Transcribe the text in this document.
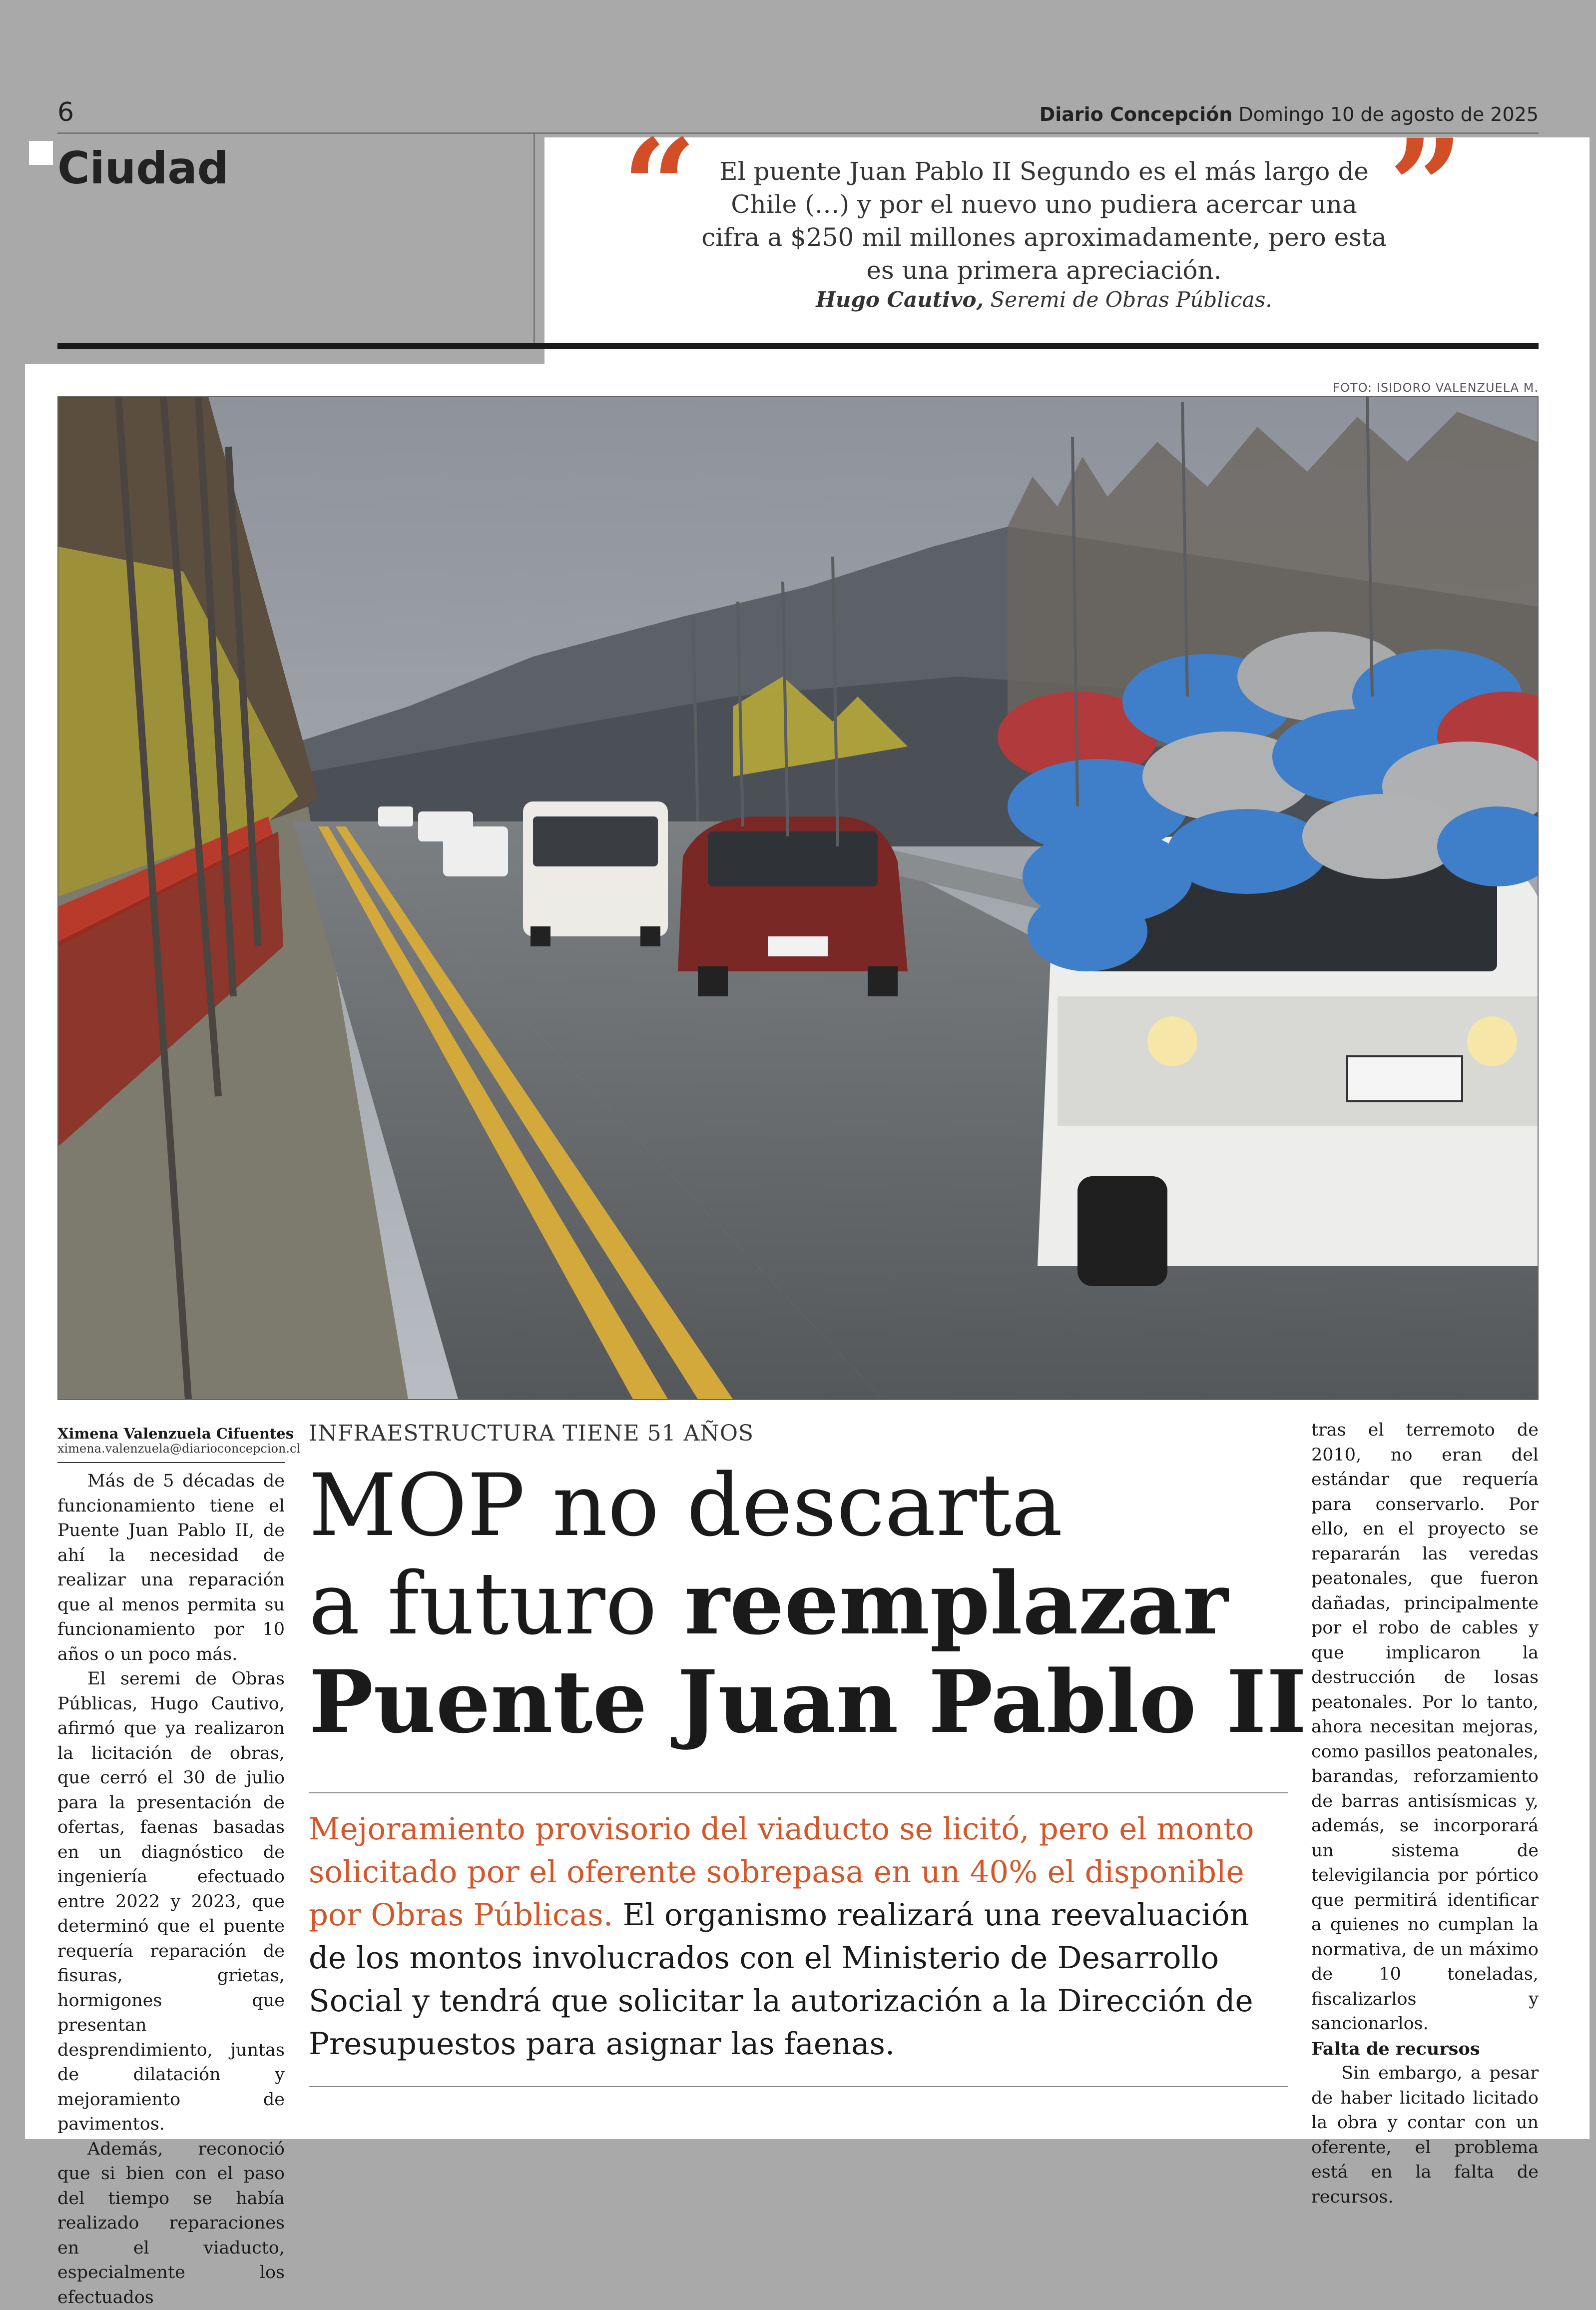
6	Diario Concepción Domingo 10 de agosto de 2025
Ciudad	“ El puente Juan Pablo II Segundo es el más largo de Chile (…) y por el nuevo uno pudiera acercar una cifra a $250 mil millones aproximadamente, pero esta es una primera apreciación.
”
Hugo Cautivo, Seremi de Obras Públicas.
FOTO: ISIDORO VALENZUELA M.
Ximena Valenzuela Cifuentes
ximena.valenzuela@diarioconcepcion.cl

Más de 5 décadas de funcionamiento tiene el Puente Juan Pablo II, de ahí la necesidad de realizar una reparación que al menos permita su funcionamiento por 10 años o un poco más.

El seremi de Obras Públicas, Hugo Cautivo, afirmó que ya realizaron la licitación de obras, que cerró el 30 de julio para la presentación de ofertas, faenas basadas en un diagnóstico de ingeniería efectuado entre 2022 y 2023, que determinó que el puente requería reparación de fisuras, grietas, hormigones que presentan desprendimiento, juntas de dilatación y mejoramiento de pavimentos.

Además, reconoció que si bien con el paso del tiempo se había realizado reparaciones en el viaducto, especialmente los efectuados

INFRAESTRUCTURA TIENE 51 AÑOS
MOP no descarta
a futuro reemplazar
Puente Juan Pablo II
Mejoramiento provisorio del viaducto se licitó, pero el monto solicitado por el oferente sobrepasa en un 40% el disponible por Obras Públicas. El organismo realizará una reevaluación de los montos involucrados con el Ministerio de Desarrollo Social y tendrá que solicitar la autorización a la Dirección de Presupuestos para asignar las faenas.

tras el terremoto de 2010, no eran del estándar que requería para conservarlo. Por ello, en el proyecto se repararán las veredas peatonales, que fueron dañadas, principalmente por el robo de cables y que implicaron la destrucción de losas peatonales. Por lo tanto, ahora necesitan mejoras, como pasillos peatonales, barandas, reforzamiento de barras antisísmicas y, además, se incorporará un sistema de televigilancia por pórtico que permitirá identificar a quienes no cumplan la normativa, de un máximo de 10 toneladas, fiscalizarlos y sancionarlos.

Falta de recursos

Sin embargo, a pesar de haber licitado licitado la obra y contar con un oferente, el problema está en la falta de recursos.
